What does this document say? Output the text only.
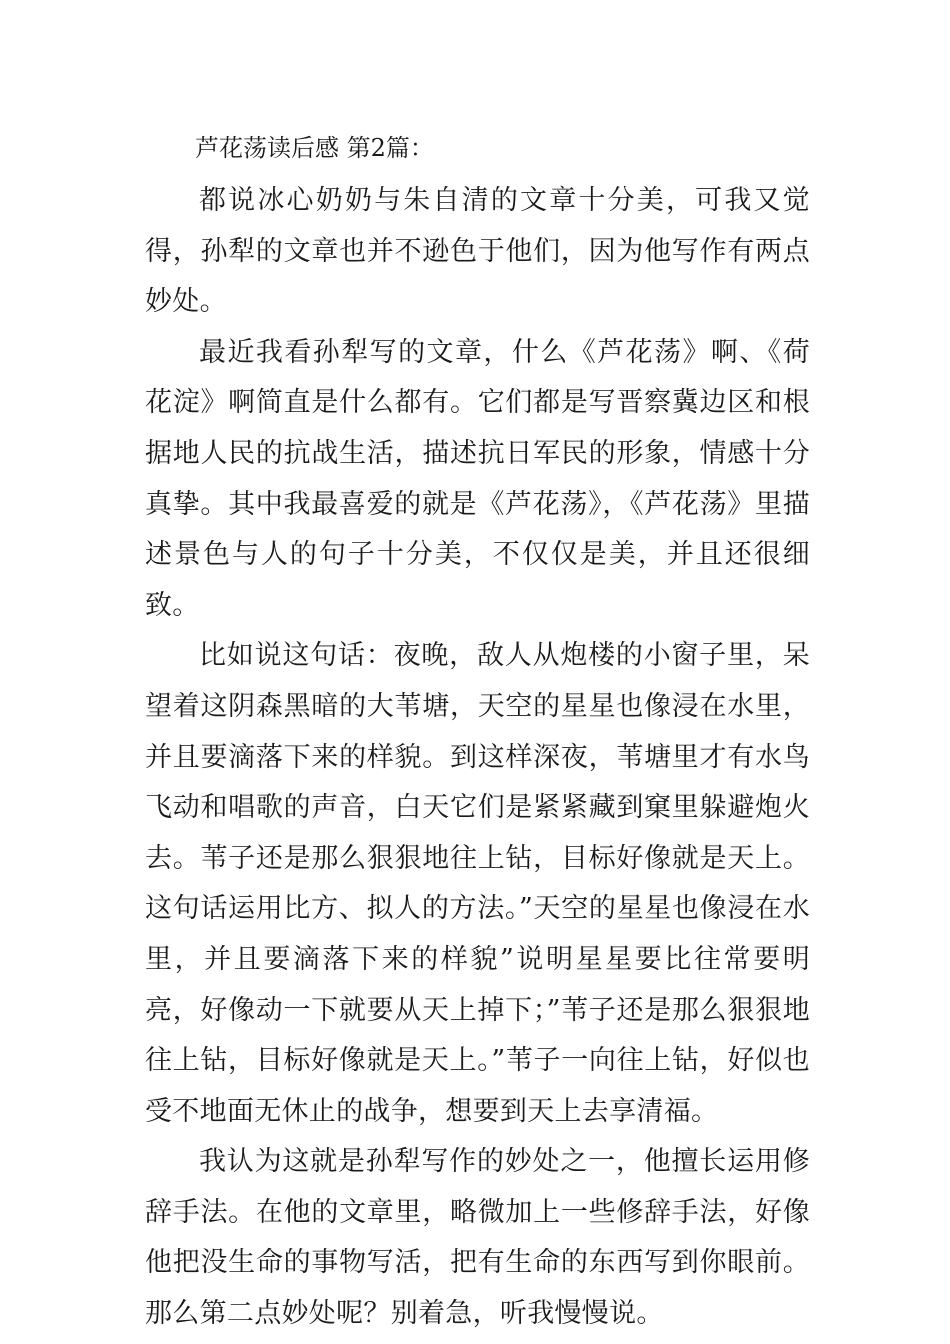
芦花荡读后感 第2篇：

都说冰心奶奶与朱自清的文章十分美，可我又觉得，孙犁的文章也并不逊色于他们，因为他写作有两点妙处。

最近我看孙犁写的文章，什么《芦花荡》啊、《荷花淀》啊简直是什么都有。它们都是写晋察冀边区和根据地人民的抗战生活，描述抗日军民的形象，情感十分真挚。其中我最喜爱的就是《芦花荡》，《芦花荡》里描述景色与人的句子十分美，不仅仅是美，并且还很细致。

比如说这句话：夜晚，敌人从炮楼的小窗子里，呆望着这阴森黑暗的大苇塘，天空的星星也像浸在水里，并且要滴落下来的样貌。到这样深夜，苇塘里才有水鸟飞动和唱歌的声音，白天它们是紧紧藏到窠里躲避炮火去。苇子还是那么狠狠地往上钻，目标好像就是天上。这句话运用比方、拟人的方法。”天空的星星也像浸在水里，并且要滴落下来的样貌”说明星星要比往常要明亮，好像动一下就要从天上掉下；”苇子还是那么狠狠地往上钻，目标好像就是天上。”苇子一向往上钻，好似也受不地面无休止的战争，想要到天上去享清福。

我认为这就是孙犁写作的妙处之一，他擅长运用修辞手法。在他的文章里，略微加上一些修辞手法，好像他把没生命的事物写活，把有生命的东西写到你眼前。那么第二点妙处呢？别着急，听我慢慢说。
